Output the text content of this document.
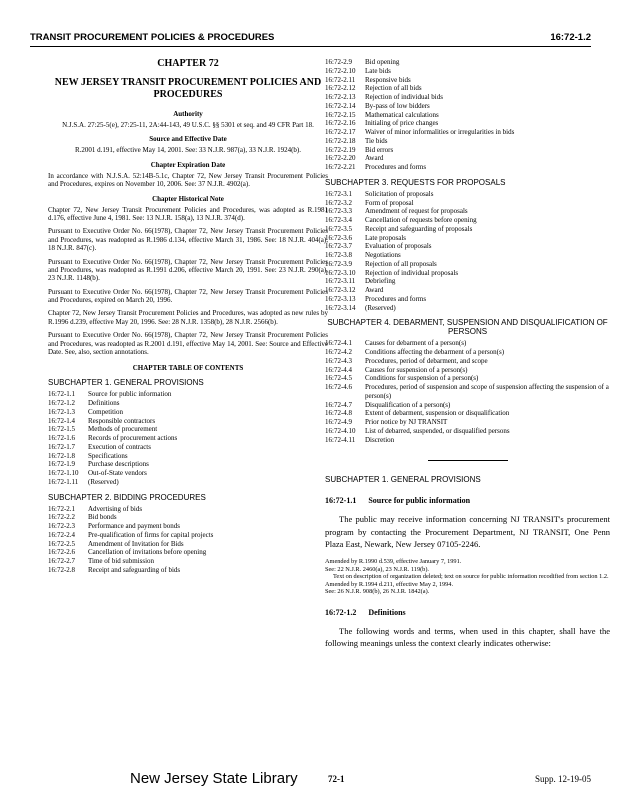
TRANSIT PROCUREMENT POLICIES & PROCEDURES	16:72-1.2
CHAPTER 72
NEW JERSEY TRANSIT PROCUREMENT POLICIES AND PROCEDURES
Authority
N.J.S.A. 27:25-5(e), 27:25-11, 2A:44-143, 49 U.S.C. §§ 5301 et seq. and 49 CFR Part 18.
Source and Effective Date
R.2001 d.191, effective May 14, 2001. See: 33 N.J.R. 987(a), 33 N.J.R. 1924(b).
Chapter Expiration Date
In accordance with N.J.S.A. 52:14B-5.1c, Chapter 72, New Jersey Transit Procurement Policies and Procedures, expires on November 10, 2006. See: 37 N.J.R. 4902(a).
Chapter Historical Note
Chapter 72, New Jersey Transit Procurement Policies and Procedures, was adopted as R.1981 d.176, effective June 4, 1981. See: 13 N.J.R. 158(a), 13 N.J.R. 374(d).
Pursuant to Executive Order No. 66(1978), Chapter 72, New Jersey Transit Procurement Policies and Procedures, was readopted as R.1986 d.134, effective March 31, 1986. See: 18 N.J.R. 404(a), 18 N.J.R. 847(c).
Pursuant to Executive Order No. 66(1978), Chapter 72, New Jersey Transit Procurement Policies and Procedures, was readopted as R.1991 d.206, effective March 20, 1991. See: 23 N.J.R. 290(a), 23 N.J.R. 1148(b).
Pursuant to Executive Order No. 66(1978), Chapter 72, New Jersey Transit Procurement Policies and Procedures, expired on March 20, 1996.
Chapter 72, New Jersey Transit Procurement Policies and Procedures, was adopted as new rules by R.1996 d.239, effective May 20, 1996. See: 28 N.J.R. 1358(b), 28 N.J.R. 2566(b).
Pursuant to Executive Order No. 66(1978), Chapter 72, New Jersey Transit Procurement Policies and Procedures, was readopted as R.2001 d.191, effective May 14, 2001. See: Source and Effective Date. See, also, section annotations.
CHAPTER TABLE OF CONTENTS
SUBCHAPTER 1. GENERAL PROVISIONS
16:72-1.1	Source for public information
16:72-1.2	Definitions
16:72-1.3	Competition
16:72-1.4	Responsible contractors
16:72-1.5	Methods of procurement
16:72-1.6	Records of procurement actions
16:72-1.7	Execution of contracts
16:72-1.8	Specifications
16:72-1.9	Purchase descriptions
16:72-1.10	Out-of-State vendors
16:72-1.11	(Reserved)
SUBCHAPTER 2. BIDDING PROCEDURES
16:72-2.1	Advertising of bids
16:72-2.2	Bid bonds
16:72-2.3	Performance and payment bonds
16:72-2.4	Pre-qualification of firms for capital projects
16:72-2.5	Amendment of Invitation for Bids
16:72-2.6	Cancellation of invitations before opening
16:72-2.7	Time of bid submission
16:72-2.8	Receipt and safeguarding of bids
16:72-2.9	Bid opening
16:72-2.10	Late bids
16:72-2.11	Responsive bids
16:72-2.12	Rejection of all bids
16:72-2.13	Rejection of individual bids
16:72-2.14	By-pass of low bidders
16:72-2.15	Mathematical calculations
16:72-2.16	Initialing of price changes
16:72-2.17	Waiver of minor informalities or irregularities in bids
16:72-2.18	Tie bids
16:72-2.19	Bid errors
16:72-2.20	Award
16:72-2.21	Procedures and forms
SUBCHAPTER 3. REQUESTS FOR PROPOSALS
16:72-3.1	Solicitation of proposals
16:72-3.2	Form of proposal
16:72-3.3	Amendment of request for proposals
16:72-3.4	Cancellation of requests before opening
16:72-3.5	Receipt and safeguarding of proposals
16:72-3.6	Late proposals
16:72-3.7	Evaluation of proposals
16:72-3.8	Negotiations
16:72-3.9	Rejection of all proposals
16:72-3.10	Rejection of individual proposals
16:72-3.11	Debriefing
16:72-3.12	Award
16:72-3.13	Procedures and forms
16:72-3.14	(Reserved)
SUBCHAPTER 4. DEBARMENT, SUSPENSION AND DISQUALIFICATION OF PERSONS
16:72-4.1	Causes for debarment of a person(s)
16:72-4.2	Conditions affecting the debarment of a person(s)
16:72-4.3	Procedures, period of debarment, and scope
16:72-4.4	Causes for suspension of a person(s)
16:72-4.5	Conditions for suspension of a person(s)
16:72-4.6	Procedures, period of suspension and scope of suspension affecting the suspension of a person(s)
16:72-4.7	Disqualification of a person(s)
16:72-4.8	Extent of debarment, suspension or disqualification
16:72-4.9	Prior notice by NJ TRANSIT
16:72-4.10	List of debarred, suspended, or disqualified persons
16:72-4.11	Discretion
SUBCHAPTER 1. GENERAL PROVISIONS
16:72-1.1 Source for public information
The public may receive information concerning NJ TRANSIT's procurement program by contacting the Procurement Department, NJ TRANSIT, One Penn Plaza East, Newark, New Jersey 07105-2246.
Amended by R.1990 d.539, effective January 7, 1991.
See: 22 N.J.R. 2460(a), 23 N.J.R. 119(b).
Text on description of organization deleted; text on source for public information recodified from section 1.2.
Amended by R.1994 d.211, effective May 2, 1994.
See: 26 N.J.R. 908(b), 26 N.J.R. 1842(a).
16:72-1.2 Definitions
The following words and terms, when used in this chapter, shall have the following meanings unless the context clearly indicates otherwise:
New Jersey State Library	72-1	Supp. 12-19-05
